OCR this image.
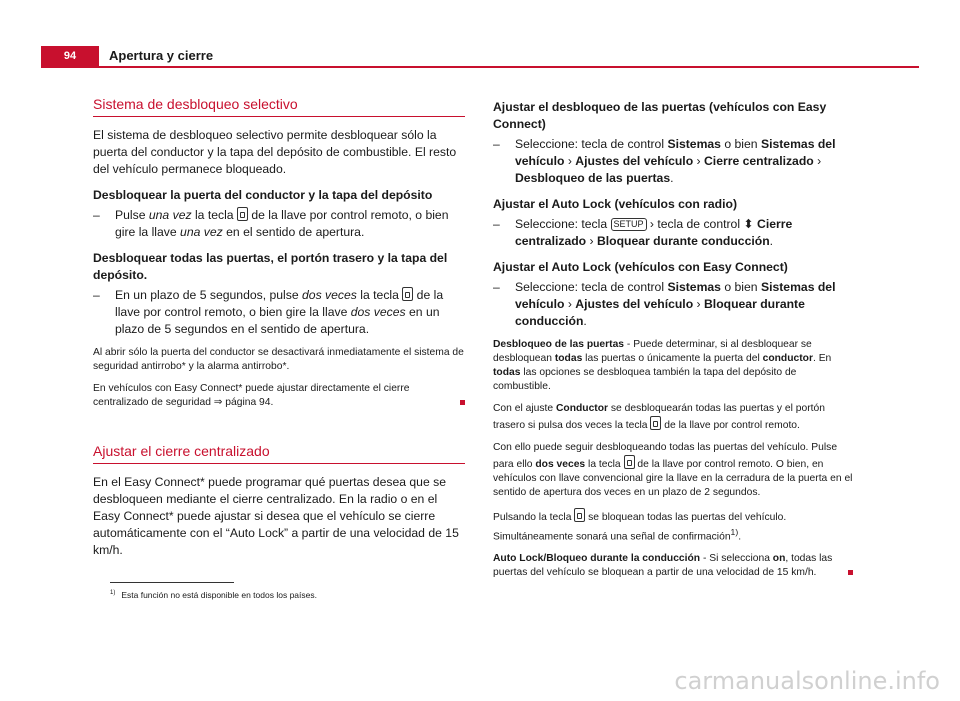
94	Apertura y cierre
Sistema de desbloqueo selectivo

El sistema de desbloqueo selectivo permite desbloquear sólo la puerta del conductor y la tapa del depósito de combustible. El resto del vehículo permanece bloqueado.

Desbloquear la puerta del conductor y la tapa del depósito

–	Pulse una vez la tecla  de la llave por control remoto, o bien gire la llave una vez en el sentido de apertura.

Desbloquear todas las puertas, el portón trasero y la tapa del depósito.

–	En un plazo de 5 segundos, pulse dos veces la tecla  de la llave por control remoto, o bien gire la llave dos veces en un plazo de 5 segundos en el sentido de apertura.

Al abrir sólo la puerta del conductor se desactivará inmediatamente el sistema de seguridad antirrobo* y la alarma antirrobo*.

En vehículos con Easy Connect* puede ajustar directamente el cierre centralizado de seguridad ⇒ página 94.

Ajustar el cierre centralizado

En el Easy Connect* puede programar qué puertas desea que se desbloqueen mediante el cierre centralizado. En la radio o en el Easy Connect* puede ajustar si desea que el vehículo se cierre automáticamente con el “Auto Lock” a partir de una velocidad de 15 km/h.

Ajustar el desbloqueo de las puertas (vehículos con Easy Connect)

–	Seleccione: tecla de control Sistemas o bien Sistemas del vehículo › Ajustes del vehículo › Cierre centralizado › Desbloqueo de las puertas.

Ajustar el Auto Lock (vehículos con radio)

–	Seleccione: tecla SETUP › tecla de control ⬍ Cierre centralizado › Bloquear durante conducción.

Ajustar el Auto Lock (vehículos con Easy Connect)

–	Seleccione: tecla de control Sistemas o bien Sistemas del vehículo › Ajustes del vehículo › Bloquear durante conducción.

Desbloqueo de las puertas - Puede determinar, si al desbloquear se desbloquean todas las puertas o únicamente la puerta del conductor. En todas las opciones se desbloquea también la tapa del depósito de combustible.

Con el ajuste Conductor se desbloquearán todas las puertas y el portón trasero si pulsa dos veces la tecla  de la llave por control remoto.

Con ello puede seguir desbloqueando todas las puertas del vehículo. Pulse para ello dos veces la tecla  de la llave por control remoto. O bien, en vehículos con llave convencional gire la llave en la cerradura de la puerta en el sentido de apertura dos veces en un plazo de 2 segundos.

Pulsando la tecla  se bloquean todas las puertas del vehículo. Simultáneamente sonará una señal de confirmación$^{1)}$.

Auto Lock/Bloqueo durante la conducción - Si selecciona on, todas las puertas del vehículo se bloquean a partir de una velocidad de 15 km/h.

$^{1)}$ Esta función no está disponible en todos los países.
carmanualsonline.info
